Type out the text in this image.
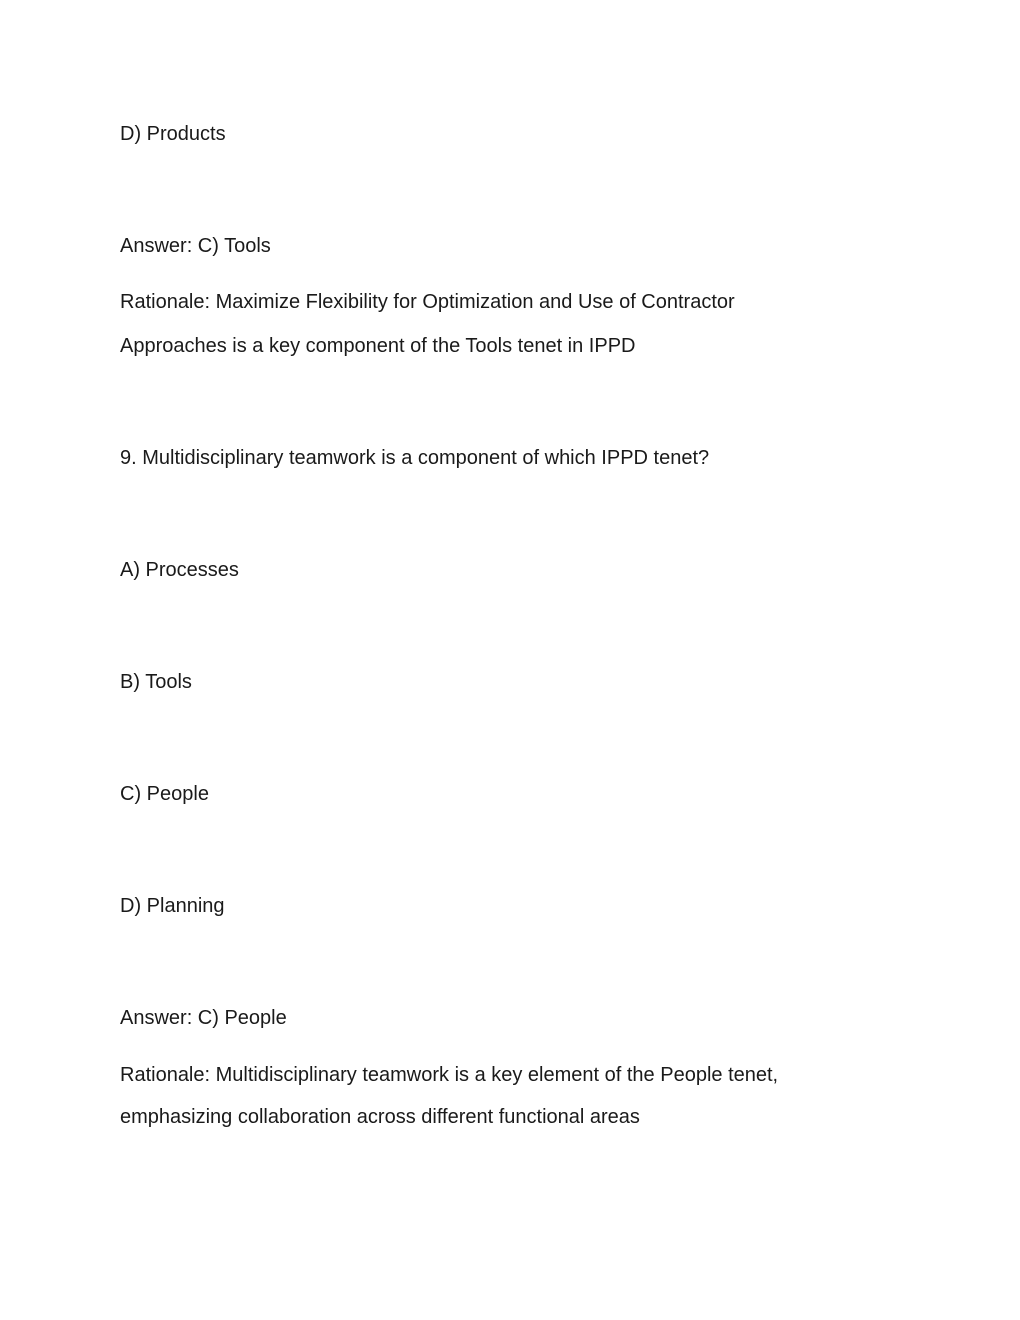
D) Products
Answer: C) Tools
Rationale: Maximize Flexibility for Optimization and Use of Contractor
Approaches is a key component of the Tools tenet in IPPD
9. Multidisciplinary teamwork is a component of which IPPD tenet?
A) Processes
B) Tools
C) People
D) Planning
Answer: C) People
Rationale: Multidisciplinary teamwork is a key element of the People tenet,
emphasizing collaboration across different functional areas
